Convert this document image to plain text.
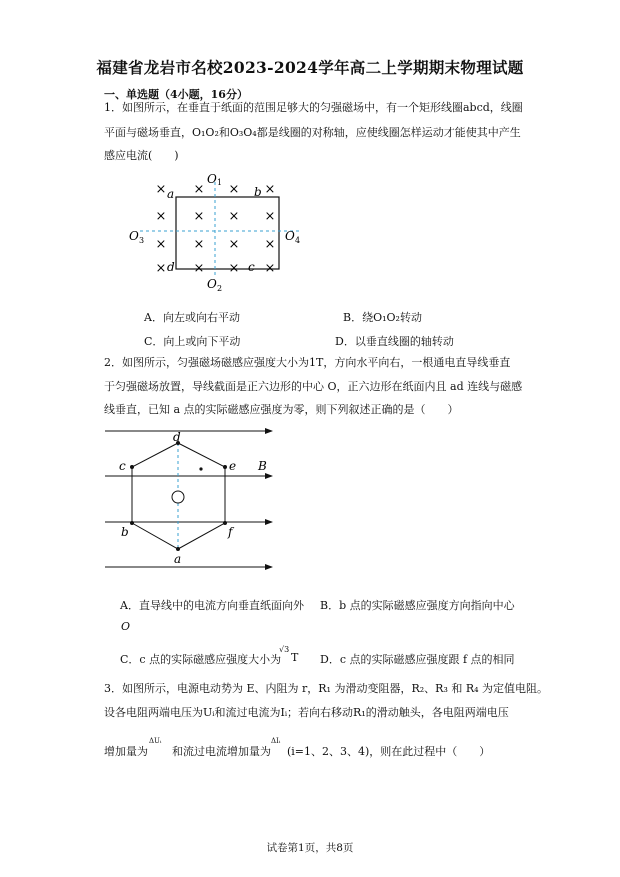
福建省龙岩市名校2023-2024学年高二上学期期末物理试题
一、单选题（4小题，16分）
1．如图所示，在垂直于纸面的范围足够大的匀强磁场中，有一个矩形线圈abcd，线圈
平面与磁场垂直，O₁O₂和O₃O₄都是线圈的对称轴，应使线圈怎样运动才能使其中产生
感应电流(　　)
× × × ×
× × × ×
× × × ×
× × × ×
a	b
c
d
O
O	O
O
1
3	4
2
A．向左或向右平动	B．绕O₁O₂转动
C．向上或向下平动	D．以垂直线圈的轴转动
2．如图所示，匀强磁场磁感应强度大小为1T，方向水平向右，一根通电直导线垂直
于匀强磁场放置，导线截面是正六边形的中心 O，正六边形在纸面内且 ad 连线与磁感
线垂直，已知 a 点的实际磁感应强度为零，则下列叙述正确的是（　　）
d
e
f
a
b
c	B
A．直导线中的电流方向垂直纸面向外 B．b 点的实际磁感应强度方向指向中心
O
C．c 点的实际磁感应强度大小为
√3
T D．c 点的实际磁感应强度跟 f 点的相同
3．如图所示，电源电动势为 E、内阻为 r，R₁ 为滑动变阻器，R₂、R₃ 和 R₄ 为定值电阻。
设各电阻两端电压为Uᵢ和流过电流为Iᵢ；若向右移动R₁的滑动触头，各电阻两端电压
增加量为
ΔUᵢ
和流过电流增加量为
ΔIᵢ
(i=1、2、3、4)，则在此过程中（　　）
试卷第1页，共8页
